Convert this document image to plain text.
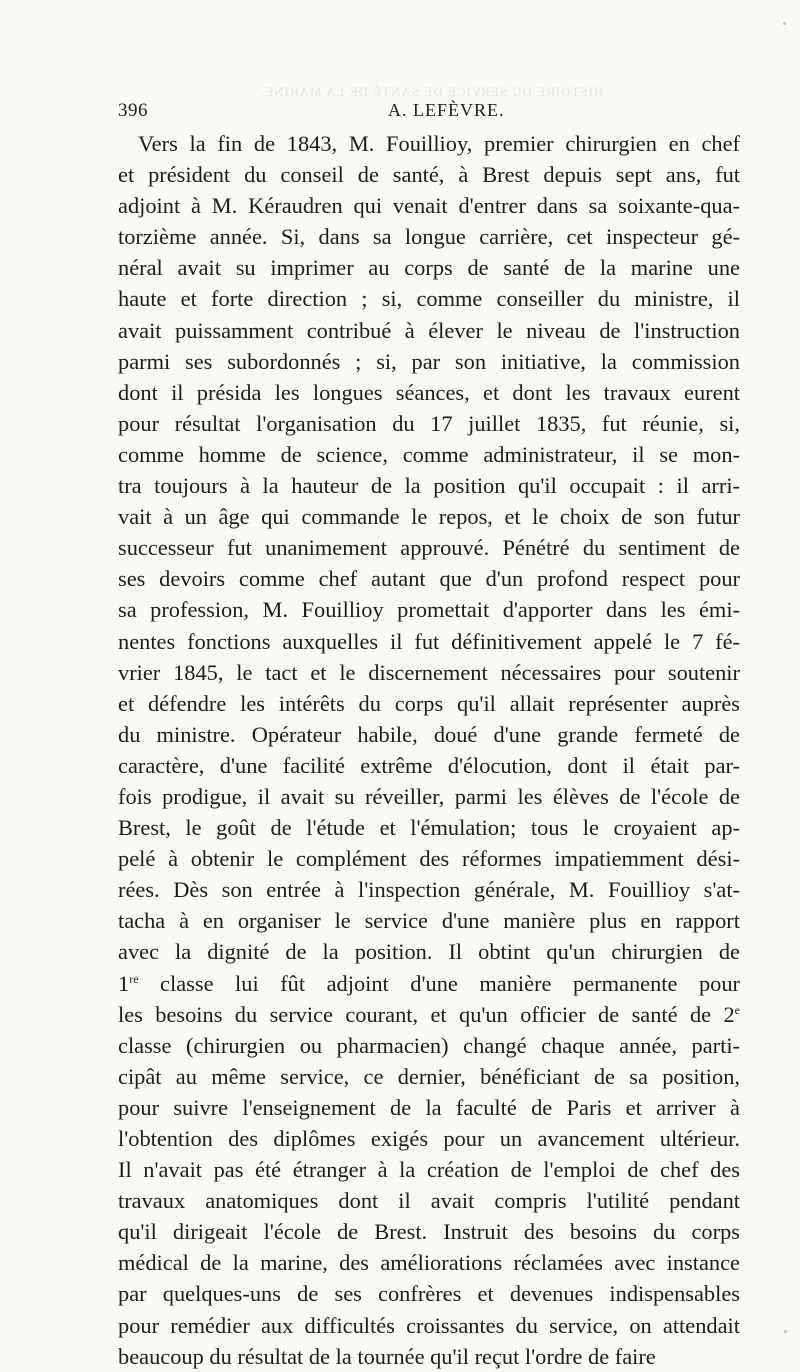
HISTOIRE DU SERVICE DE SANTÉ DE LA MARINE.
396	A. LEFÈVRE.
Vers la fin de 1843, M. Fouillioy, premier chirurgien en chef
et président du conseil de santé, à Brest depuis sept ans, fut
adjoint à M. Kéraudren qui venait d'entrer dans sa soixante-qua-
torzième année. Si, dans sa longue carrière, cet inspecteur gé-
néral avait su imprimer au corps de santé de la marine une
haute et forte direction ; si, comme conseiller du ministre, il
avait puissamment contribué à élever le niveau de l'instruction
parmi ses subordonnés ; si, par son initiative, la commission
dont il présida les longues séances, et dont les travaux eurent
pour résultat l'organisation du 17 juillet 1835, fut réunie, si,
comme homme de science, comme administrateur, il se mon-
tra toujours à la hauteur de la position qu'il occupait : il arri-
vait à un âge qui commande le repos, et le choix de son futur
successeur fut unanimement approuvé. Pénétré du sentiment de
ses devoirs comme chef autant que d'un profond respect pour
sa profession, M. Fouillioy promettait d'apporter dans les émi-
nentes fonctions auxquelles il fut définitivement appelé le 7 fé-
vrier 1845, le tact et le discernement nécessaires pour soutenir
et défendre les intérêts du corps qu'il allait représenter auprès
du ministre. Opérateur habile, doué d'une grande fermeté de
caractère, d'une facilité extrême d'élocution, dont il était par-
fois prodigue, il avait su réveiller, parmi les élèves de l'école de
Brest, le goût de l'étude et l'émulation; tous le croyaient ap-
pelé à obtenir le complément des réformes impatiemment dési-
rées. Dès son entrée à l'inspection générale, M. Fouillioy s'at-
tacha à en organiser le service d'une manière plus en rapport
avec la dignité de la position. Il obtint qu'un chirurgien de
1re classe lui fût adjoint d'une manière permanente pour
les besoins du service courant, et qu'un officier de santé de 2e
classe (chirurgien ou pharmacien) changé chaque année, parti-
cipât au même service, ce dernier, bénéficiant de sa position,
pour suivre l'enseignement de la faculté de Paris et arriver à
l'obtention des diplômes exigés pour un avancement ultérieur.
Il n'avait pas été étranger à la création de l'emploi de chef des
travaux anatomiques dont il avait compris l'utilité pendant
qu'il dirigeait l'école de Brest. Instruit des besoins du corps
médical de la marine, des améliorations réclamées avec instance
par quelques-uns de ses confrères et devenues indispensables
pour remédier aux difficultés croissantes du service, on attendait
beaucoup du résultat de la tournée qu'il reçut l'ordre de faire
